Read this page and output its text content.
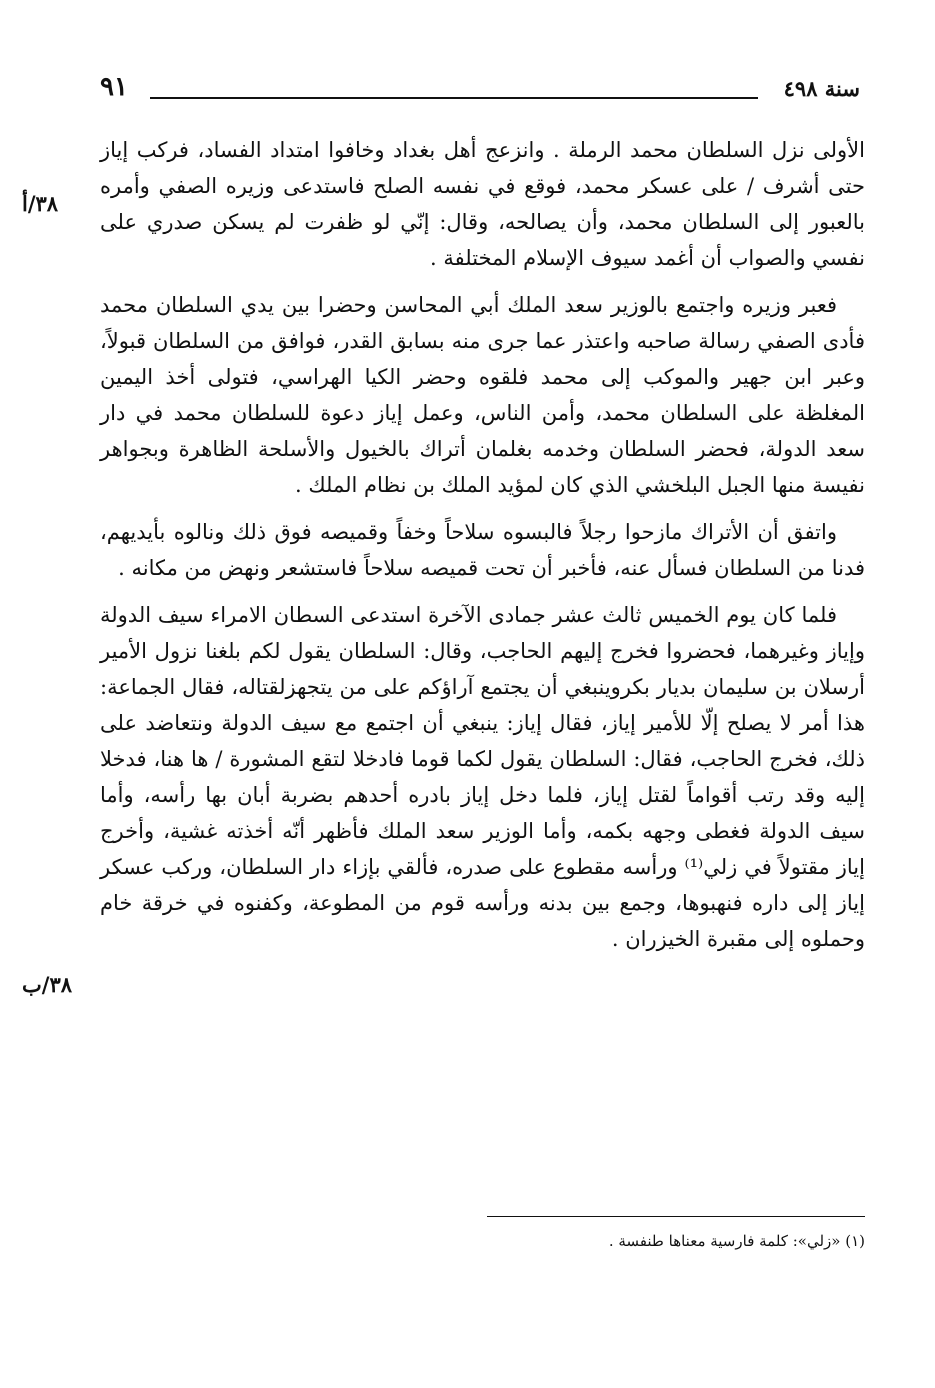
سنة ٤٩٨
٩١
٣٨/أ
٣٨/ب

الأولى نزل السلطان محمد الرملة . وانزعج أهل بغداد وخافوا امتداد الفساد، فركب إياز حتى أشرف / على عسكر محمد، فوقع في نفسه الصلح فاستدعى وزيره الصفي وأمره بالعبور إلى السلطان محمد، وأن يصالحه، وقال: إنّي لو ظفرت لم يسكن صدري على نفسي والصواب أن أغمد سيوف الإسلام المختلفة .

فعبر وزيره واجتمع بالوزير سعد الملك أبي المحاسن وحضرا بين يدي السلطان محمد فأدى الصفي رسالة صاحبه واعتذر عما جرى منه بسابق القدر، فوافق من السلطان قبولاً، وعبر ابن جهير والموكب إلى محمد فلقوه وحضر الكيا الهراسي، فتولى أخذ اليمين المغلظة على السلطان محمد، وأمن الناس، وعمل إياز دعوة للسلطان محمد في دار سعد الدولة، فحضر السلطان وخدمه بغلمان أتراك بالخيول والأسلحة الظاهرة وبجواهر نفيسة منها الجبل البلخشي الذي كان لمؤيد الملك بن نظام الملك .

واتفق أن الأتراك مازحوا رجلاً فالبسوه سلاحاً وخفاً وقميصه فوق ذلك ونالوه بأيديهم، فدنا من السلطان فسأل عنه، فأخبر أن تحت قميصه سلاحاً فاستشعر ونهض من مكانه .

فلما كان يوم الخميس ثالث عشر جمادى الآخرة استدعى السطان الامراء سيف الدولة وإياز وغيرهما، فحضروا فخرج إليهم الحاجب، وقال: السلطان يقول لكم بلغنا نزول الأمير أرسلان بن سليمان بديار بكروينبغي أن يجتمع آراؤكم على من يتجهزلقتاله، فقال الجماعة: هذا أمر لا يصلح إلّا للأمير إياز، فقال إياز: ينبغي أن اجتمع مع سيف الدولة ونتعاضد على ذلك، فخرج الحاجب، فقال: السلطان يقول لكما قوما فادخلا لتقع المشورة / ها هنا، فدخلا إليه وقد رتب أقواماً لقتل إياز، فلما دخل إياز بادره أحدهم بضربة أبان بها رأسه، وأما سيف الدولة فغطى وجهه بكمه، وأما الوزير سعد الملك فأظهر أنّه أخذته غشية، وأخرج إياز مقتولاً في زلي⁽¹⁾ ورأسه مقطوع على صدره، فألقي بإزاء دار السلطان، وركب عسكر إياز إلى داره فنهبوها، وجمع بين بدنه ورأسه قوم من المطوعة، وكفنوه في خرقة خام وحملوه إلى مقبرة الخيزران .

(١) «زلي»: كلمة فارسية معناها طنفسة .
